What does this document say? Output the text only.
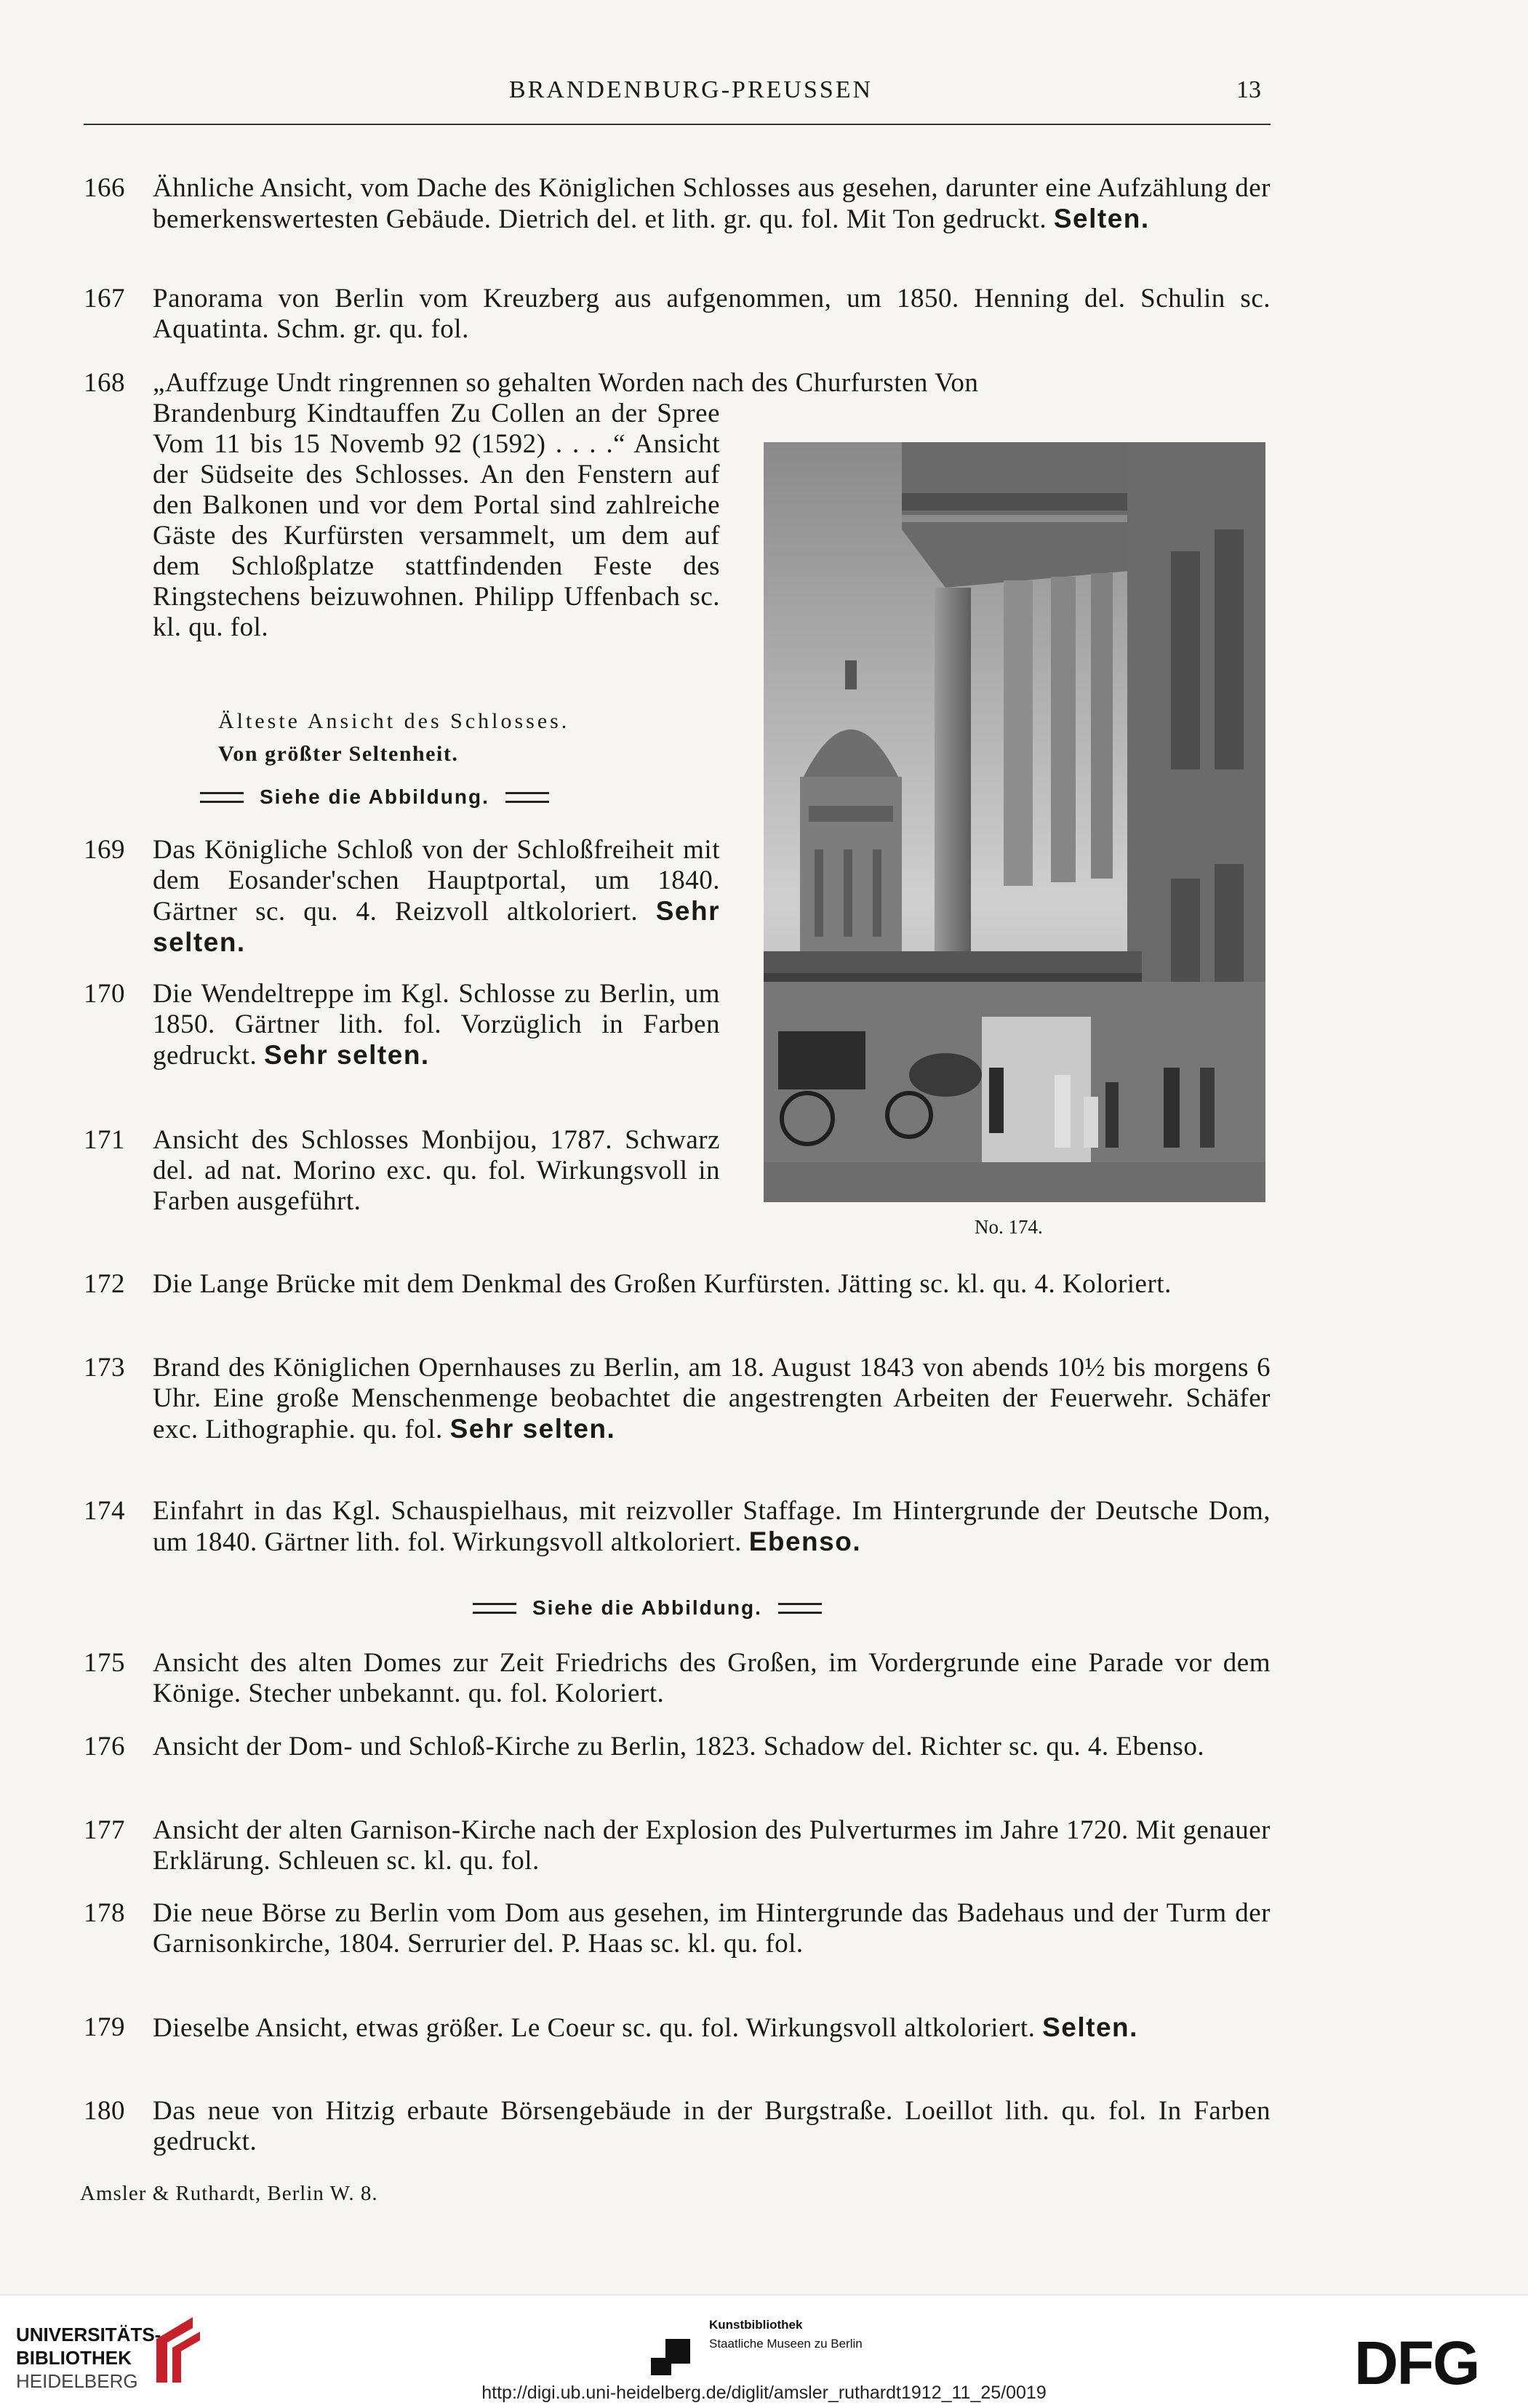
BRANDENBURG-PREUSSEN	13
166 Ähnliche Ansicht, vom Dache des Königlichen Schlosses aus gesehen, darunter eine Aufzählung der bemerkenswertesten Gebäude. Dietrich del. et lith. gr. qu. fol. Mit Ton gedruckt. Selten.
167 Panorama von Berlin vom Kreuzberg aus aufgenommen, um 1850. Henning del. Schulin sc. Aquatinta. Schm. gr. qu. fol.
168 „Auffzuge Undt ringrennen so gehalten Worden nach des Churfursten Von
Brandenburg Kindtauffen Zu Collen an der Spree Vom 11 bis 15 Novemb 92 (1592) . . . .“ Ansicht der Südseite des Schlosses. An den Fenstern auf den Balkonen und vor dem Portal sind zahlreiche Gäste des Kurfürsten versammelt, um dem auf dem Schloßplatze stattfindenden Feste des Ringstechens beizuwohnen. Philipp Uffenbach sc. kl. qu. fol.
Älteste Ansicht des Schlosses.
Von größter Seltenheit.
Siehe die Abbildung.
169 Das Königliche Schloß von der Schloßfreiheit mit dem Eosander'schen Hauptportal, um 1840. Gärtner sc. qu. 4. Reizvoll altkoloriert. Sehr selten.
170 Die Wendeltreppe im Kgl. Schlosse zu Berlin, um 1850. Gärtner lith. fol. Vorzüglich in Farben gedruckt. Sehr selten.
171 Ansicht des Schlosses Monbijou, 1787. Schwarz del. ad nat. Morino exc. qu. fol. Wirkungsvoll in Farben ausgeführt.
No. 174.
172 Die Lange Brücke mit dem Denkmal des Großen Kurfürsten. Jätting sc. kl. qu. 4. Koloriert.
173 Brand des Königlichen Opernhauses zu Berlin, am 18. August 1843 von abends 10½ bis morgens 6 Uhr. Eine große Menschenmenge beobachtet die angestrengten Arbeiten der Feuerwehr. Schäfer exc. Lithographie. qu. fol. Sehr selten.
174 Einfahrt in das Kgl. Schauspielhaus, mit reizvoller Staffage. Im Hintergrunde der Deutsche Dom, um 1840. Gärtner lith. fol. Wirkungsvoll altkoloriert. Ebenso.
Siehe die Abbildung.
175 Ansicht des alten Domes zur Zeit Friedrichs des Großen, im Vordergrunde eine Parade vor dem Könige. Stecher unbekannt. qu. fol. Koloriert.
176 Ansicht der Dom- und Schloß-Kirche zu Berlin, 1823. Schadow del. Richter sc. qu. 4. Ebenso.
177 Ansicht der alten Garnison-Kirche nach der Explosion des Pulverturmes im Jahre 1720. Mit genauer Erklärung. Schleuen sc. kl. qu. fol.
178 Die neue Börse zu Berlin vom Dom aus gesehen, im Hintergrunde das Badehaus und der Turm der Garnisonkirche, 1804. Serrurier del. P. Haas sc. kl. qu. fol.
179 Dieselbe Ansicht, etwas größer. Le Coeur sc. qu. fol. Wirkungsvoll altkoloriert. Selten.
180 Das neue von Hitzig erbaute Börsengebäude in der Burgstraße. Loeillot lith. qu. fol. In Farben gedruckt.
Amsler & Ruthardt, Berlin W. 8.
UNIVERSITÄTS-
BIBLIOTHEK
HEIDELBERG
Kunstbibliothek
Staatliche Museen zu Berlin	DFG
http://digi.ub.uni-heidelberg.de/diglit/amsler_ruthardt1912_11_25/0019
